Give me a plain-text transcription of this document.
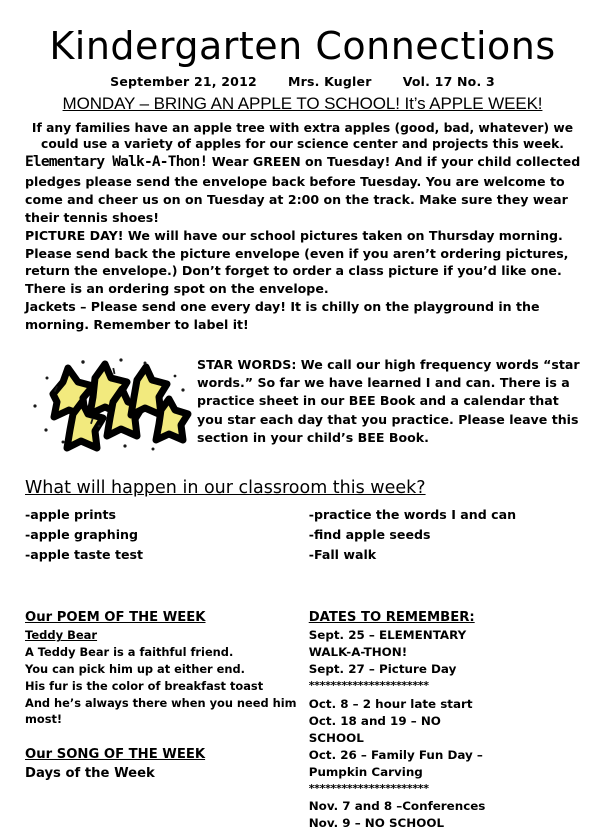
Kindergarten Connections
September 21, 2012 Mrs. Kugler Vol. 17 No. 3
MONDAY – BRING AN APPLE TO SCHOOL! It’s APPLE WEEK!
If any families have an apple tree with extra apples (good, bad, whatever) we could use a variety of apples for our science center and projects this week.

Elementary Walk-A-Thon! Wear GREEN on Tuesday! And if your child collected pledges please send the envelope back before Tuesday. You are welcome to come and cheer us on on Tuesday at 2:00 on the track. Make sure they wear their tennis shoes!

PICTURE DAY! We will have our school pictures taken on Thursday morning. Please send back the picture envelope (even if you aren’t ordering pictures, return the envelope.) Don’t forget to order a class picture if you’d like one. There is an ordering spot on the envelope.

Jackets – Please send one every day! It is chilly on the playground in the morning. Remember to label it!

STAR WORDS: We call our high frequency words “star words.” So far we have learned I and can. There is a practice sheet in our BEE Book and a calendar that you star each day that you practice. Please leave this section in your child’s BEE Book.
What will happen in our classroom this week?
-apple prints
-apple graphing
-apple taste test
-practice the words I and can
-find apple seeds
-Fall walk
Our POEM OF THE WEEK
Teddy Bear
A Teddy Bear is a faithful friend.
You can pick him up at either end.
His fur is the color of breakfast toast
And he’s always there when you need him most!
Our SONG OF THE WEEK
Days of the Week
DATES TO REMEMBER:
Sept. 25 – ELEMENTARY
WALK-A-THON!
Sept. 27 – Picture Day
**********************
Oct. 8 – 2 hour late start
Oct. 18 and 19 – NO
SCHOOL
Oct. 26 – Family Fun Day –
Pumpkin Carving
**********************
Nov. 7 and 8 –Conferences
Nov. 9 – NO SCHOOL
